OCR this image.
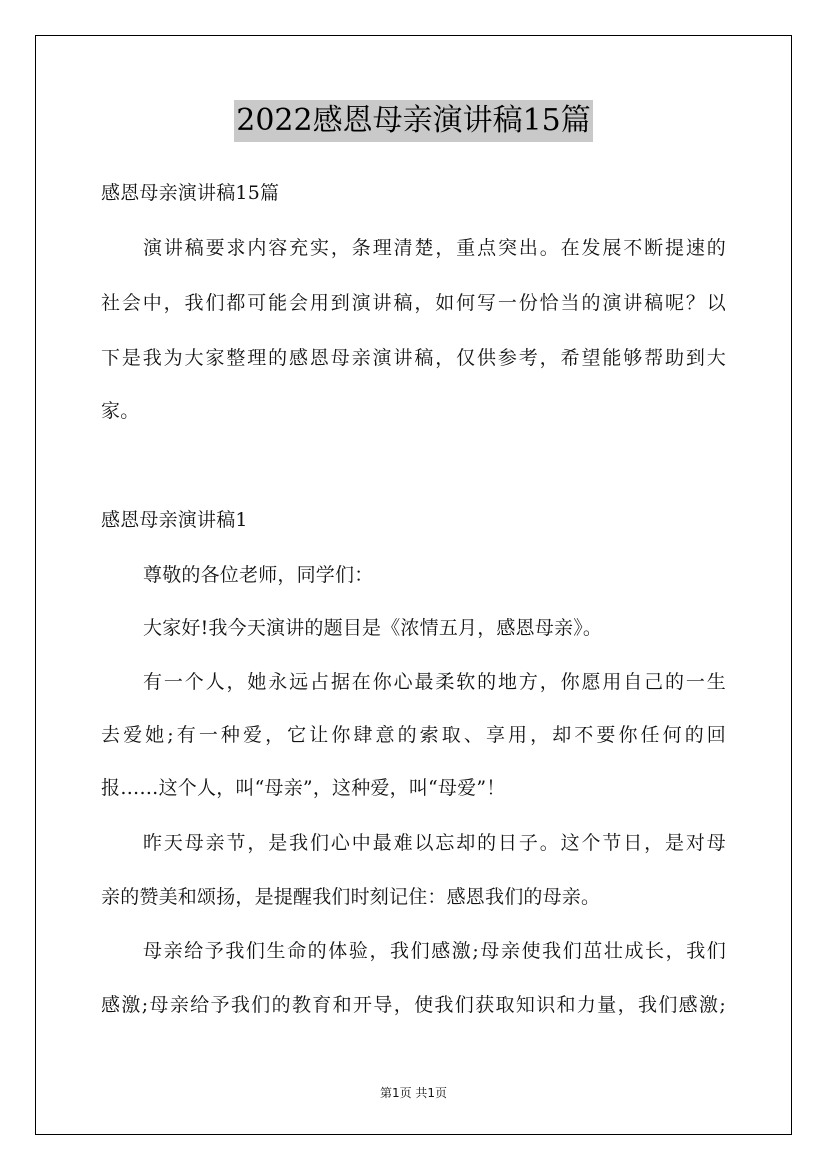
2022感恩母亲演讲稿15篇
感恩母亲演讲稿15篇
演讲稿要求内容充实，条理清楚，重点突出。在发展不断提速的
社会中，我们都可能会用到演讲稿，如何写一份恰当的演讲稿呢？以
下是我为大家整理的感恩母亲演讲稿，仅供参考，希望能够帮助到大
家。
感恩母亲演讲稿1
尊敬的各位老师，同学们：
大家好!我今天演讲的题目是《浓情五月，感恩母亲》。
有一个人，她永远占据在你心最柔软的地方，你愿用自己的一生
去爱她;有一种爱，它让你肆意的索取、享用，却不要你任何的回
报……这个人，叫“母亲”，这种爱，叫“母爱”！
昨天母亲节，是我们心中最难以忘却的日子。这个节日，是对母
亲的赞美和颂扬，是提醒我们时刻记住：感恩我们的母亲。
母亲给予我们生命的体验，我们感激;母亲使我们茁壮成长，我们
感激;母亲给予我们的教育和开导，使我们获取知识和力量，我们感激;
第1页 共1页
